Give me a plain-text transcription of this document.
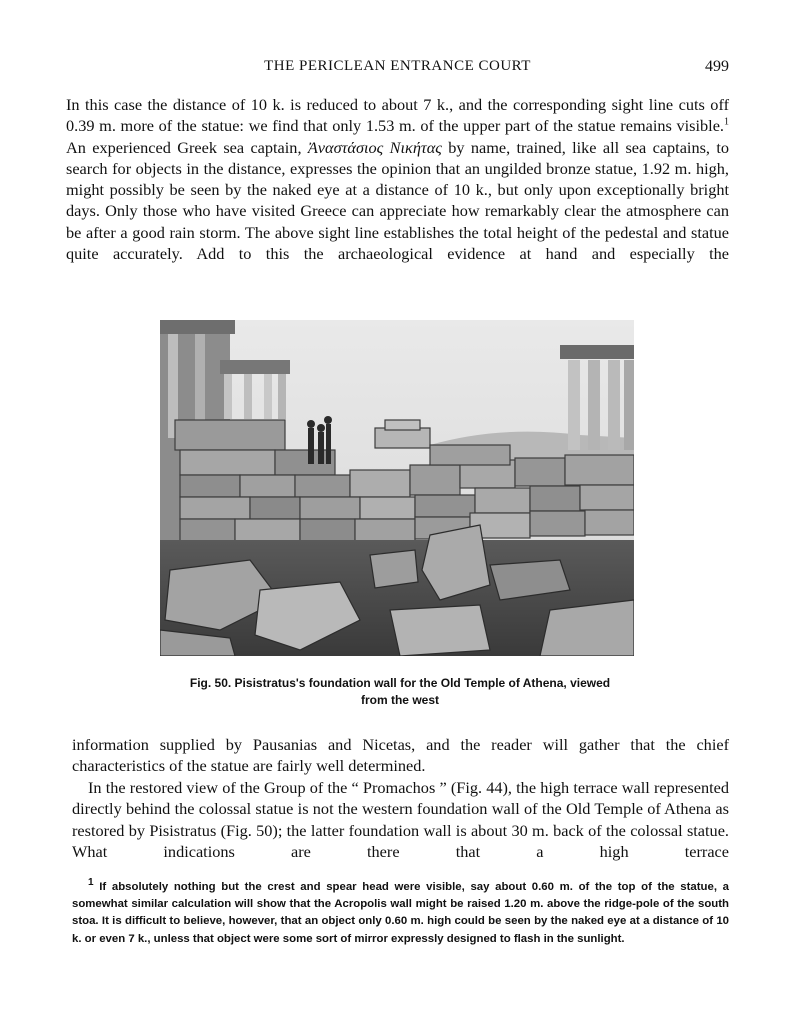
THE PERICLEAN ENTRANCE COURT	499

In this case the distance of 10 k. is reduced to about 7 k., and the corresponding sight line cuts off 0.39 m. more of the statue: we find that only 1.53 m. of the upper part of the statue remains visible.$^1$ An experienced Greek sea captain, Ἀναστάσιος Νικήτας by name, trained, like all sea captains, to search for objects in the distance, expresses the opinion that an ungilded bronze statue, 1.92 m. high, might possibly be seen by the naked eye at a distance of 10 k., but only upon exceptionally bright days. Only those who have visited Greece can appreciate how remarkably clear the atmosphere can be after a good rain storm. The above sight line establishes the total height of the pedestal and statue quite accurately. Add to this the archaeological evidence at hand and especially the

Fig. 50. Pisistratus's foundation wall for the Old Temple of Athena, viewed
from the west

information supplied by Pausanias and Nicetas, and the reader will gather that the chief characteristics of the statue are fairly well determined.

In the restored view of the Group of the “ Promachos ” (Fig. 44), the high terrace wall represented directly behind the colossal statue is not the western foundation wall of the Old Temple of Athena as restored by Pisistratus (Fig. 50); the latter foundation wall is about 30 m. back of the colossal statue. What indications are there that a high terrace

$^1$ If absolutely nothing but the crest and spear head were visible, say about 0.60 m. of the top of the statue, a somewhat similar calculation will show that the Acropolis wall might be raised 1.20 m. above the ridge-pole of the south stoa. It is difficult to believe, however, that an object only 0.60 m. high could be seen by the naked eye at a distance of 10 k. or even 7 k., unless that object were some sort of mirror expressly designed to flash in the sunlight.
